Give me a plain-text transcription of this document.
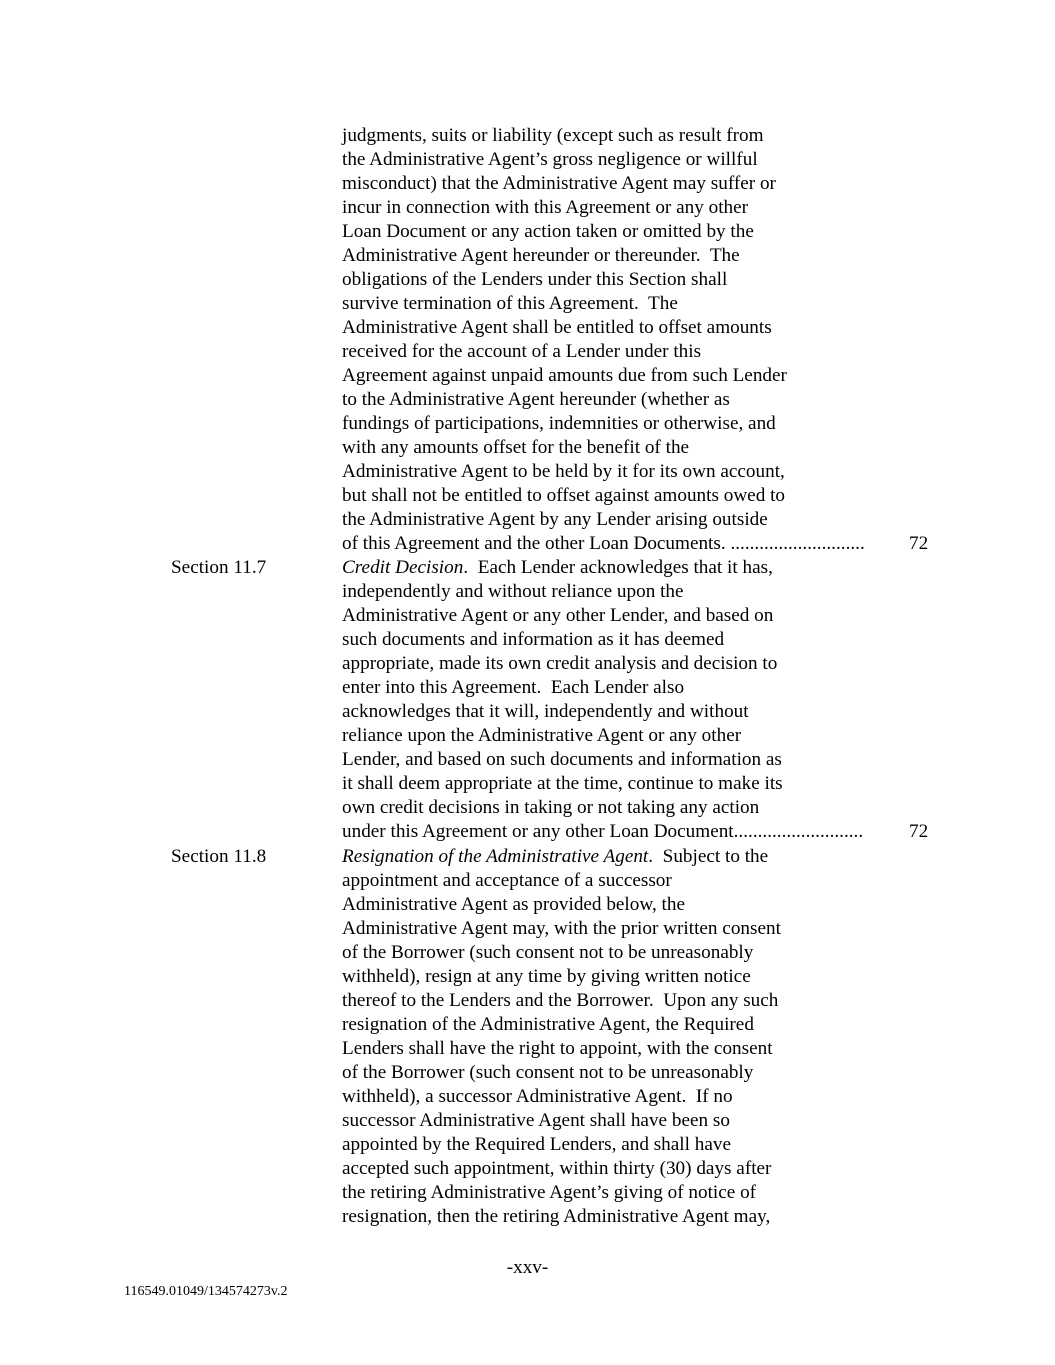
judgments, suits or liability (except such as result from
the Administrative Agent’s gross negligence or willful
misconduct) that the Administrative Agent may suffer or
incur in connection with this Agreement or any other
Loan Document or any action taken or omitted by the
Administrative Agent hereunder or thereunder.  The
obligations of the Lenders under this Section shall
survive termination of this Agreement.  The
Administrative Agent shall be entitled to offset amounts
received for the account of a Lender under this
Agreement against unpaid amounts due from such Lender
to the Administrative Agent hereunder (whether as
fundings of participations, indemnities or otherwise, and
with any amounts offset for the benefit of the
Administrative Agent to be held by it for its own account,
but shall not be entitled to offset against amounts owed to
the Administrative Agent by any Lender arising outside
of this Agreement and the other Loan Documents. ............................ 72
Section 11.7	Credit Decision.  Each Lender acknowledges that it has,
independently and without reliance upon the
Administrative Agent or any other Lender, and based on
such documents and information as it has deemed
appropriate, made its own credit analysis and decision to
enter into this Agreement.  Each Lender also
acknowledges that it will, independently and without
reliance upon the Administrative Agent or any other
Lender, and based on such documents and information as
it shall deem appropriate at the time, continue to make its
own credit decisions in taking or not taking any action
under this Agreement or any other Loan Document........................... 72
Section 11.8	Resignation of the Administrative Agent.  Subject to the
appointment and acceptance of a successor
Administrative Agent as provided below, the
Administrative Agent may, with the prior written consent
of the Borrower (such consent not to be unreasonably
withheld), resign at any time by giving written notice
thereof to the Lenders and the Borrower.  Upon any such
resignation of the Administrative Agent, the Required
Lenders shall have the right to appoint, with the consent
of the Borrower (such consent not to be unreasonably
withheld), a successor Administrative Agent.  If no
successor Administrative Agent shall have been so
appointed by the Required Lenders, and shall have
accepted such appointment, within thirty (30) days after
the retiring Administrative Agent’s giving of notice of
resignation, then the retiring Administrative Agent may,
-xxv-
116549.01049/134574273v.2
